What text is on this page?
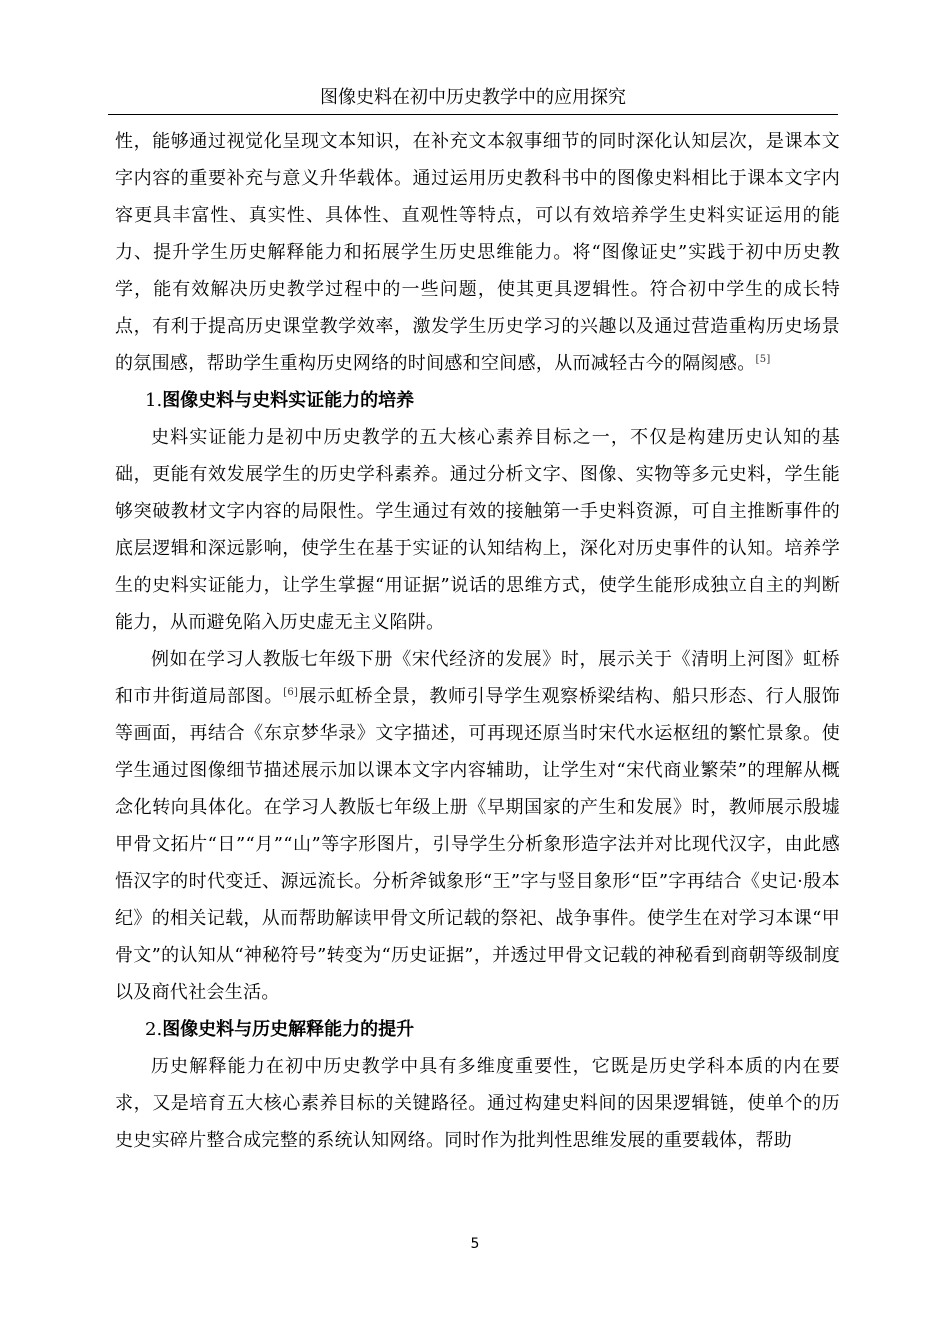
图像史料在初中历史教学中的应用探究

性，能够通过视觉化呈现文本知识，在补充文本叙事细节的同时深化认知层次，是课本文字内容的重要补充与意义升华载体。通过运用历史教科书中的图像史料相比于课本文字内容更具丰富性、真实性、具体性、直观性等特点，可以有效培养学生史料实证运用的能力、提升学生历史解释能力和拓展学生历史思维能力。将“图像证史”实践于初中历史教学，能有效解决历史教学过程中的一些问题，使其更具逻辑性。符合初中学生的成长特点，有利于提高历史课堂教学效率，激发学生历史学习的兴趣以及通过营造重构历史场景的氛围感，帮助学生重构历史网络的时间感和空间感，从而减轻古今的隔阂感。[5]

1.图像史料与史料实证能力的培养

史料实证能力是初中历史教学的五大核心素养目标之一，不仅是构建历史认知的基础，更能有效发展学生的历史学科素养。通过分析文字、图像、实物等多元史料，学生能够突破教材文字内容的局限性。学生通过有效的接触第一手史料资源，可自主推断事件的底层逻辑和深远影响，使学生在基于实证的认知结构上，深化对历史事件的认知。培养学生的史料实证能力，让学生掌握“用证据”说话的思维方式，使学生能形成独立自主的判断能力，从而避免陷入历史虚无主义陷阱。

例如在学习人教版七年级下册《宋代经济的发展》时，展示关于《清明上河图》虹桥和市井街道局部图。[6]展示虹桥全景，教师引导学生观察桥梁结构、船只形态、行人服饰等画面，再结合《东京梦华录》文字描述，可再现还原当时宋代水运枢纽的繁忙景象。使学生通过图像细节描述展示加以课本文字内容辅助，让学生对“宋代商业繁荣”的理解从概念化转向具体化。在学习人教版七年级上册《早期国家的产生和发展》时，教师展示殷墟甲骨文拓片“日”“月”“山”等字形图片，引导学生分析象形造字法并对比现代汉字，由此感悟汉字的时代变迁、源远流长。分析斧钺象形“王”字与竖目象形“臣”字再结合《史记·殷本纪》的相关记载，从而帮助解读甲骨文所记载的祭祀、战争事件。使学生在对学习本课“甲骨文”的认知从“神秘符号”转变为“历史证据”，并透过甲骨文记载的神秘看到商朝等级制度以及商代社会生活。

2.图像史料与历史解释能力的提升

历史解释能力在初中历史教学中具有多维度重要性，它既是历史学科本质的内在要求，又是培育五大核心素养目标的关键路径。通过构建史料间的因果逻辑链，使单个的历史史实碎片整合成完整的系统认知网络。同时作为批判性思维发展的重要载体，帮助

5
